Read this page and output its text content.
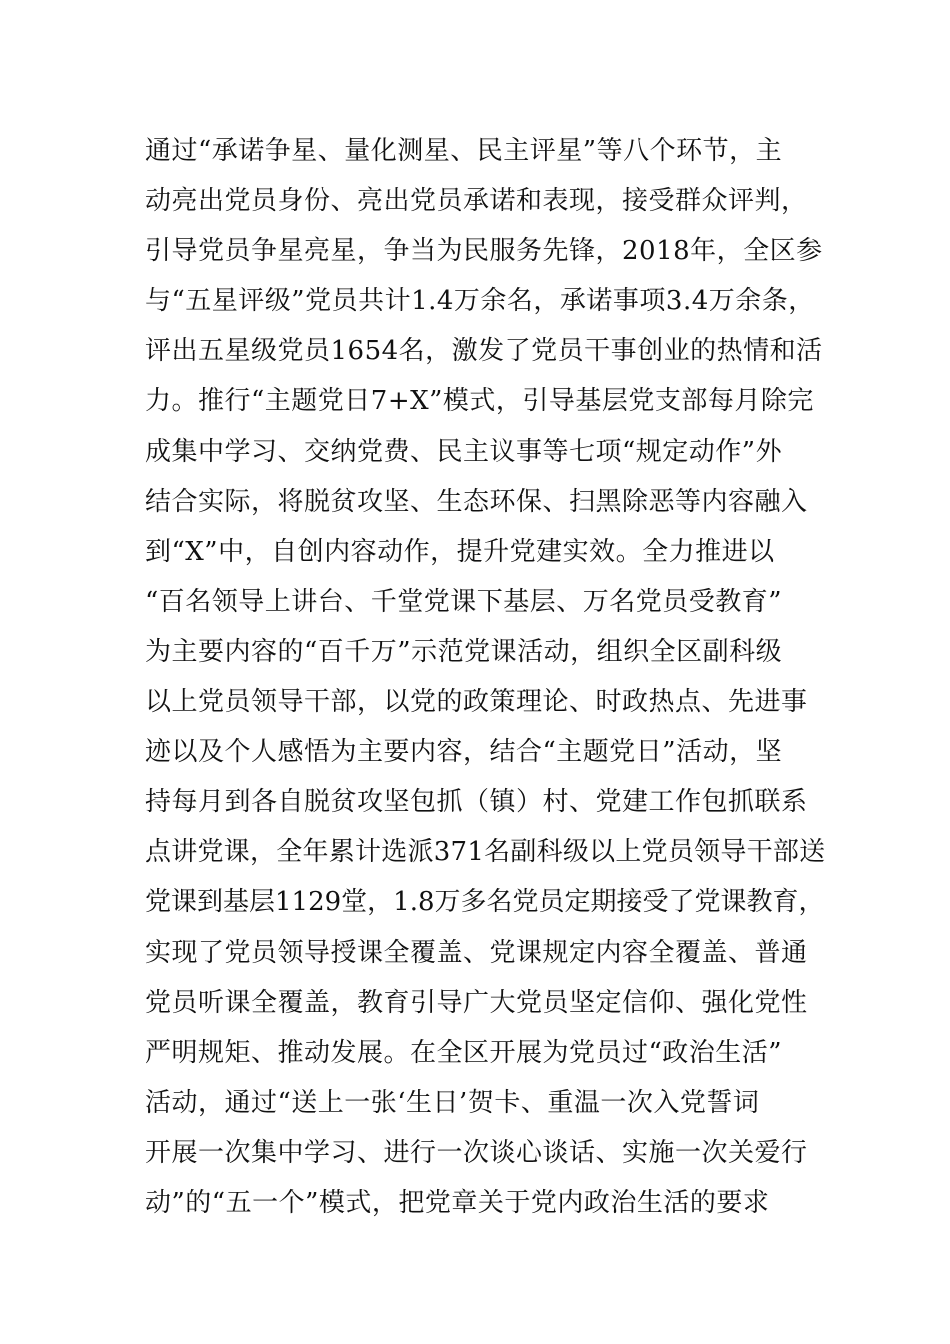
通过“承诺争星、量化测星、民主评星”等八个环节，主
动亮出党员身份、亮出党员承诺和表现，接受群众评判，
引导党员争星亮星，争当为民服务先锋，2018年，全区参
与“五星评级”党员共计1.4万余名，承诺事项3.4万余条，
评出五星级党员1654名，激发了党员干事创业的热情和活
力。推行“主题党日7+X”模式，引导基层党支部每月除完
成集中学习、交纳党费、民主议事等七项“规定动作”外
结合实际，将脱贫攻坚、生态环保、扫黑除恶等内容融入
到“X”中，自创内容动作，提升党建实效。全力推进以
“百名领导上讲台、千堂党课下基层、万名党员受教育”
为主要内容的“百千万”示范党课活动，组织全区副科级
以上党员领导干部，以党的政策理论、时政热点、先进事
迹以及个人感悟为主要内容，结合“主题党日”活动，坚
持每月到各自脱贫攻坚包抓（镇）村、党建工作包抓联系
点讲党课，全年累计选派371名副科级以上党员领导干部送
党课到基层1129堂，1.8万多名党员定期接受了党课教育，
实现了党员领导授课全覆盖、党课规定内容全覆盖、普通
党员听课全覆盖，教育引导广大党员坚定信仰、强化党性
严明规矩、推动发展。在全区开展为党员过“政治生活”
活动，通过“送上一张‘生日’贺卡、重温一次入党誓词
开展一次集中学习、进行一次谈心谈话、实施一次关爱行
动”的“五一个”模式，把党章关于党内政治生活的要求
